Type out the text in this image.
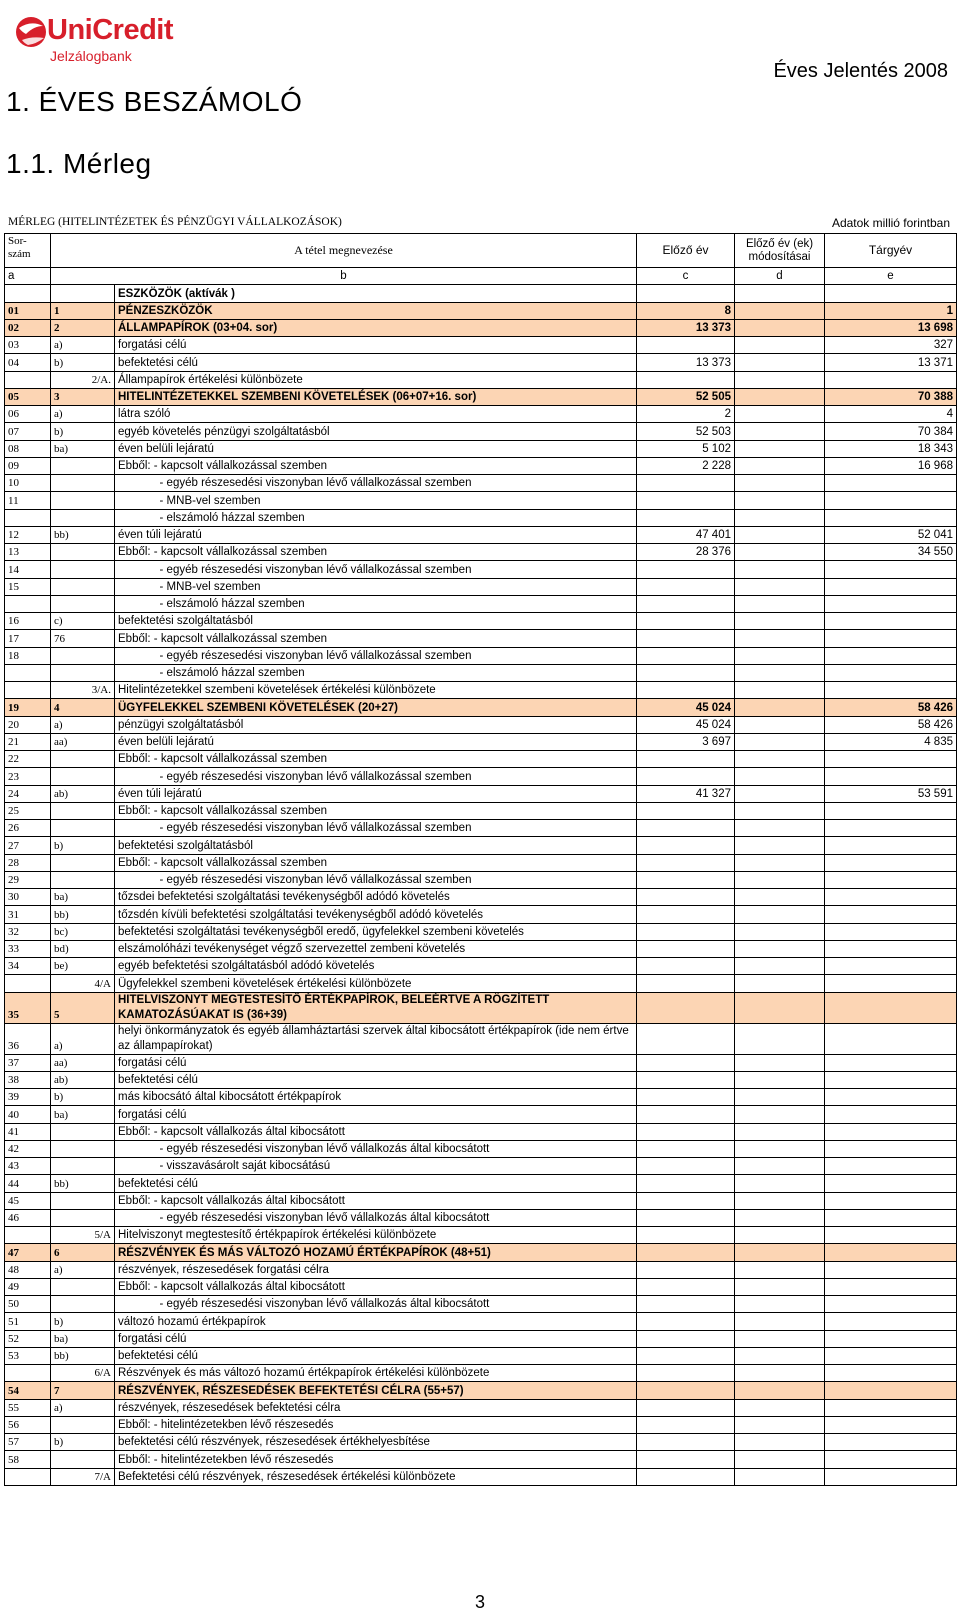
UniCredit
Jelzálogbank
Éves Jelentés 2008
1. ÉVES BESZÁMOLÓ
1.1. Mérleg
MÉRLEG (HITELINTÉZETEK ÉS PÉNZÜGYI VÁLLALKOZÁSOK)	Adatok millió forintban
Sor-
szám	A tétel megnevezése		Előző év	Előző év (ek)
módosításai	Tárgyév
a	b		c	d	e
		ESZKÖZÖK (aktívák )			
01	1	PÉNZESZKÖZÖK	8		1
02	2	ÁLLAMPAPÍROK (03+04. sor)	13 373		13 698
03	a)	forgatási célú			327
04	b)	befektetési célú	13 373		13 371
	2/A.	Állampapírok értékelési különbözete			
05	3	HITELINTÉZETEKKEL SZEMBENI KÖVETELÉSEK (06+07+16. sor)	52 505		70 388
06	a)	látra szóló	2		4
07	b)	egyéb követelés pénzügyi szolgáltatásból	52 503		70 384
08	ba)	éven belüli lejáratú	5 102		18 343
09		Ebből: - kapcsolt vállalkozással szemben	2 228		16 968
10		- egyéb részesedési viszonyban lévő vállalkozással szemben			
11		- MNB-vel szemben			
		- elszámoló házzal szemben			
12	bb)	éven túli lejáratú	47 401		52 041
13		Ebből: - kapcsolt vállalkozással szemben	28 376		34 550
14		- egyéb részesedési viszonyban lévő vállalkozással szemben			
15		- MNB-vel szemben			
		- elszámoló házzal szemben			
16	c)	befektetési szolgáltatásból			
17	76	Ebből: - kapcsolt vállalkozással szemben			
18		- egyéb részesedési viszonyban lévő vállalkozással szemben			
		- elszámoló házzal szemben			
	3/A.	Hitelintézetekkel szembeni követelések értékelési különbözete			
19	4	ÜGYFELEKKEL SZEMBENI KÖVETELÉSEK (20+27)	45 024		58 426
20	a)	pénzügyi szolgáltatásból	45 024		58 426
21	aa)	éven belüli lejáratú	3 697		4 835
22		Ebből: - kapcsolt vállalkozással szemben			
23		- egyéb részesedési viszonyban lévő vállalkozással szemben			
24	ab)	éven túli lejáratú	41 327		53 591
25		Ebből: - kapcsolt vállalkozással szemben			
26		- egyéb részesedési viszonyban lévő vállalkozással szemben			
27	b)	befektetési szolgáltatásból			
28		Ebből: - kapcsolt vállalkozással szemben			
29		- egyéb részesedési viszonyban lévő vállalkozással szemben			
30	ba)	tőzsdei befektetési szolgáltatási tevékenységből adódó követelés			
31	bb)	tőzsdén kívüli befektetési szolgáltatási tevékenységből adódó követelés			
32	bc)	befektetési szolgáltatási tevékenységből eredő, ügyfelekkel szembeni követelés			
33	bd)	elszámolóházi tevékenységet végző szervezettel zembeni követelés			
34	be)	egyéb befektetési szolgáltatásból adódó követelés			
	4/A	Ügyfelekkel szembeni követelések értékelési különbözete			
35	5	HITELVISZONYT MEGTESTESÍTŐ ÉRTÉKPAPÍROK, BELEÉRTVE A RÖGZÍTETT KAMATOZÁSÚAKAT IS (36+39)			
36	a)	helyi önkormányzatok és egyéb államháztartási szervek által kibocsátott értékpapírok (ide nem értve az állampapírokat)			
37	aa)	forgatási célú			
38	ab)	befektetési célú			
39	b)	más kibocsátó által kibocsátott értékpapírok			
40	ba)	forgatási célú			
41		Ebből: - kapcsolt vállalkozás által kibocsátott			
42		- egyéb részesedési viszonyban lévő vállalkozás által kibocsátott			
43		- visszavásárolt saját kibocsátású			
44	bb)	befektetési célú			
45		Ebből: - kapcsolt vállalkozás által kibocsátott			
46		- egyéb részesedési viszonyban lévő vállalkozás által kibocsátott			
	5/A	Hitelviszonyt megtestesítő értékpapírok értékelési különbözete			
47	6	RÉSZVÉNYEK ÉS MÁS VÁLTOZÓ HOZAMÚ ÉRTÉKPAPÍROK (48+51)			
48	a)	részvények, részesedések forgatási célra			
49		Ebből: - kapcsolt vállalkozás által kibocsátott			
50		- egyéb részesedési viszonyban lévő vállalkozás által kibocsátott			
51	b)	változó hozamú értékpapírok			
52	ba)	forgatási célú			
53	bb)	befektetési célú			
	6/A	Részvények és más változó hozamú értékpapírok értékelési különbözete			
54	7	RÉSZVÉNYEK, RÉSZESEDÉSEK BEFEKTETÉSI CÉLRA (55+57)			
55	a)	részvények, részesedések befektetési célra			
56		Ebből: - hitelintézetekben lévő részesedés			
57	b)	befektetési célú részvények, részesedések értékhelyesbítése			
58		Ebből: - hitelintézetekben lévő részesedés			
	7/A	Befektetési célú részvények, részesedések értékelési különbözete			
3
